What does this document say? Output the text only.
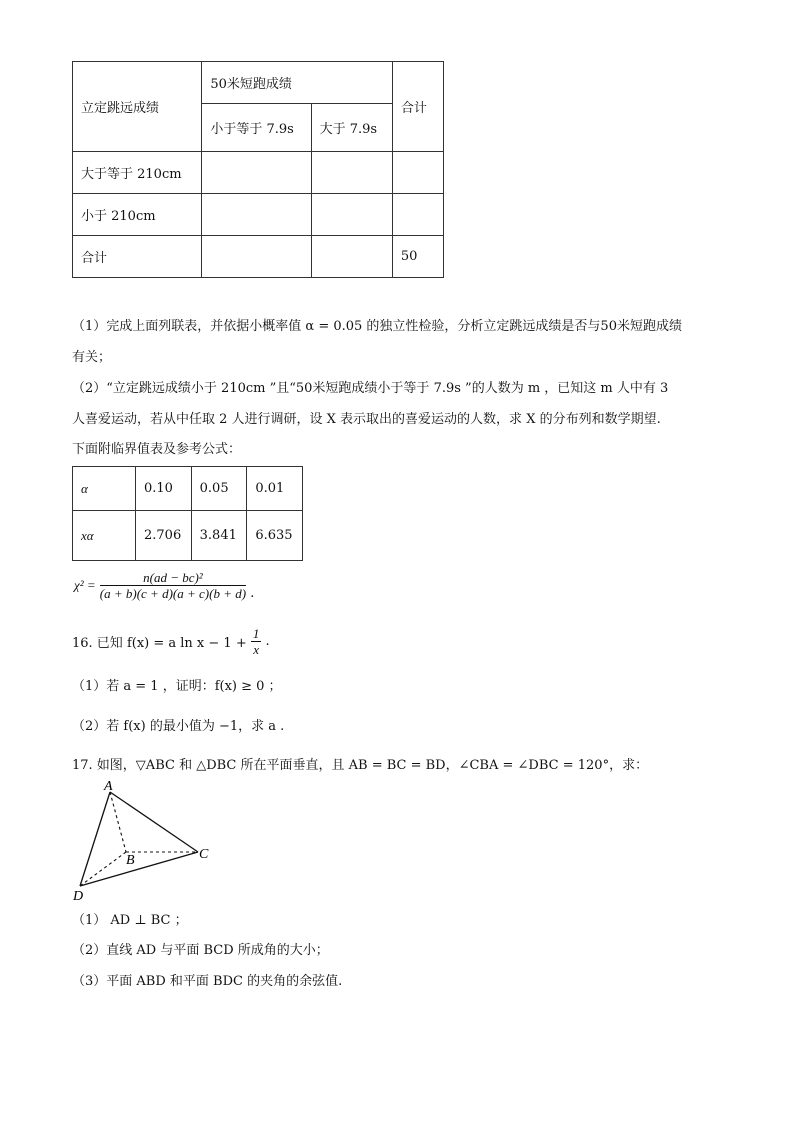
立定跳远成绩	50米短跑成绩		合计
	小于等于 7.9s	大于 7.9s	
大于等于 210cm			
小于 210cm			
合计			50
（1）完成上面列联表，并依据小概率值 α = 0.05 的独立性检验，分析立定跳远成绩是否与50米短跑成绩
有关；
（2）“立定跳远成绩小于 210cm ”且“50米短跑成绩小于等于 7.9s ”的人数为 m ，已知这 m 人中有 3
人喜爱运动，若从中任取 2 人进行调研，设 X 表示取出的喜爱运动的人数，求 X 的分布列和数学期望.
下面附临界值表及参考公式：
α	0.10	0.05	0.01
xα	2.706	3.841	6.635
$\chi^2 = \frac{\text{n(ad − bc)²}}{(a + b)(c + d)(a + c)(b + d)}$ .
16. 已知 f(x) = a $\ln x - 1 + \frac{1}{x}$ .
（1）若 a = 1 ，证明：f(x) ≥ 0 ；
（2）若 f(x) 的最小值为 −1，求 a .
17. 如图，▽ABC 和 △DBC 所在平面垂直，且 AB = BC = BD，∠CBA = ∠DBC = 120°，求：
A
B	C
D
（1） AD ⊥ BC ；
（2）直线 AD 与平面 BCD 所成角的大小；
（3）平面 ABD 和平面 BDC 的夹角的余弦值.
